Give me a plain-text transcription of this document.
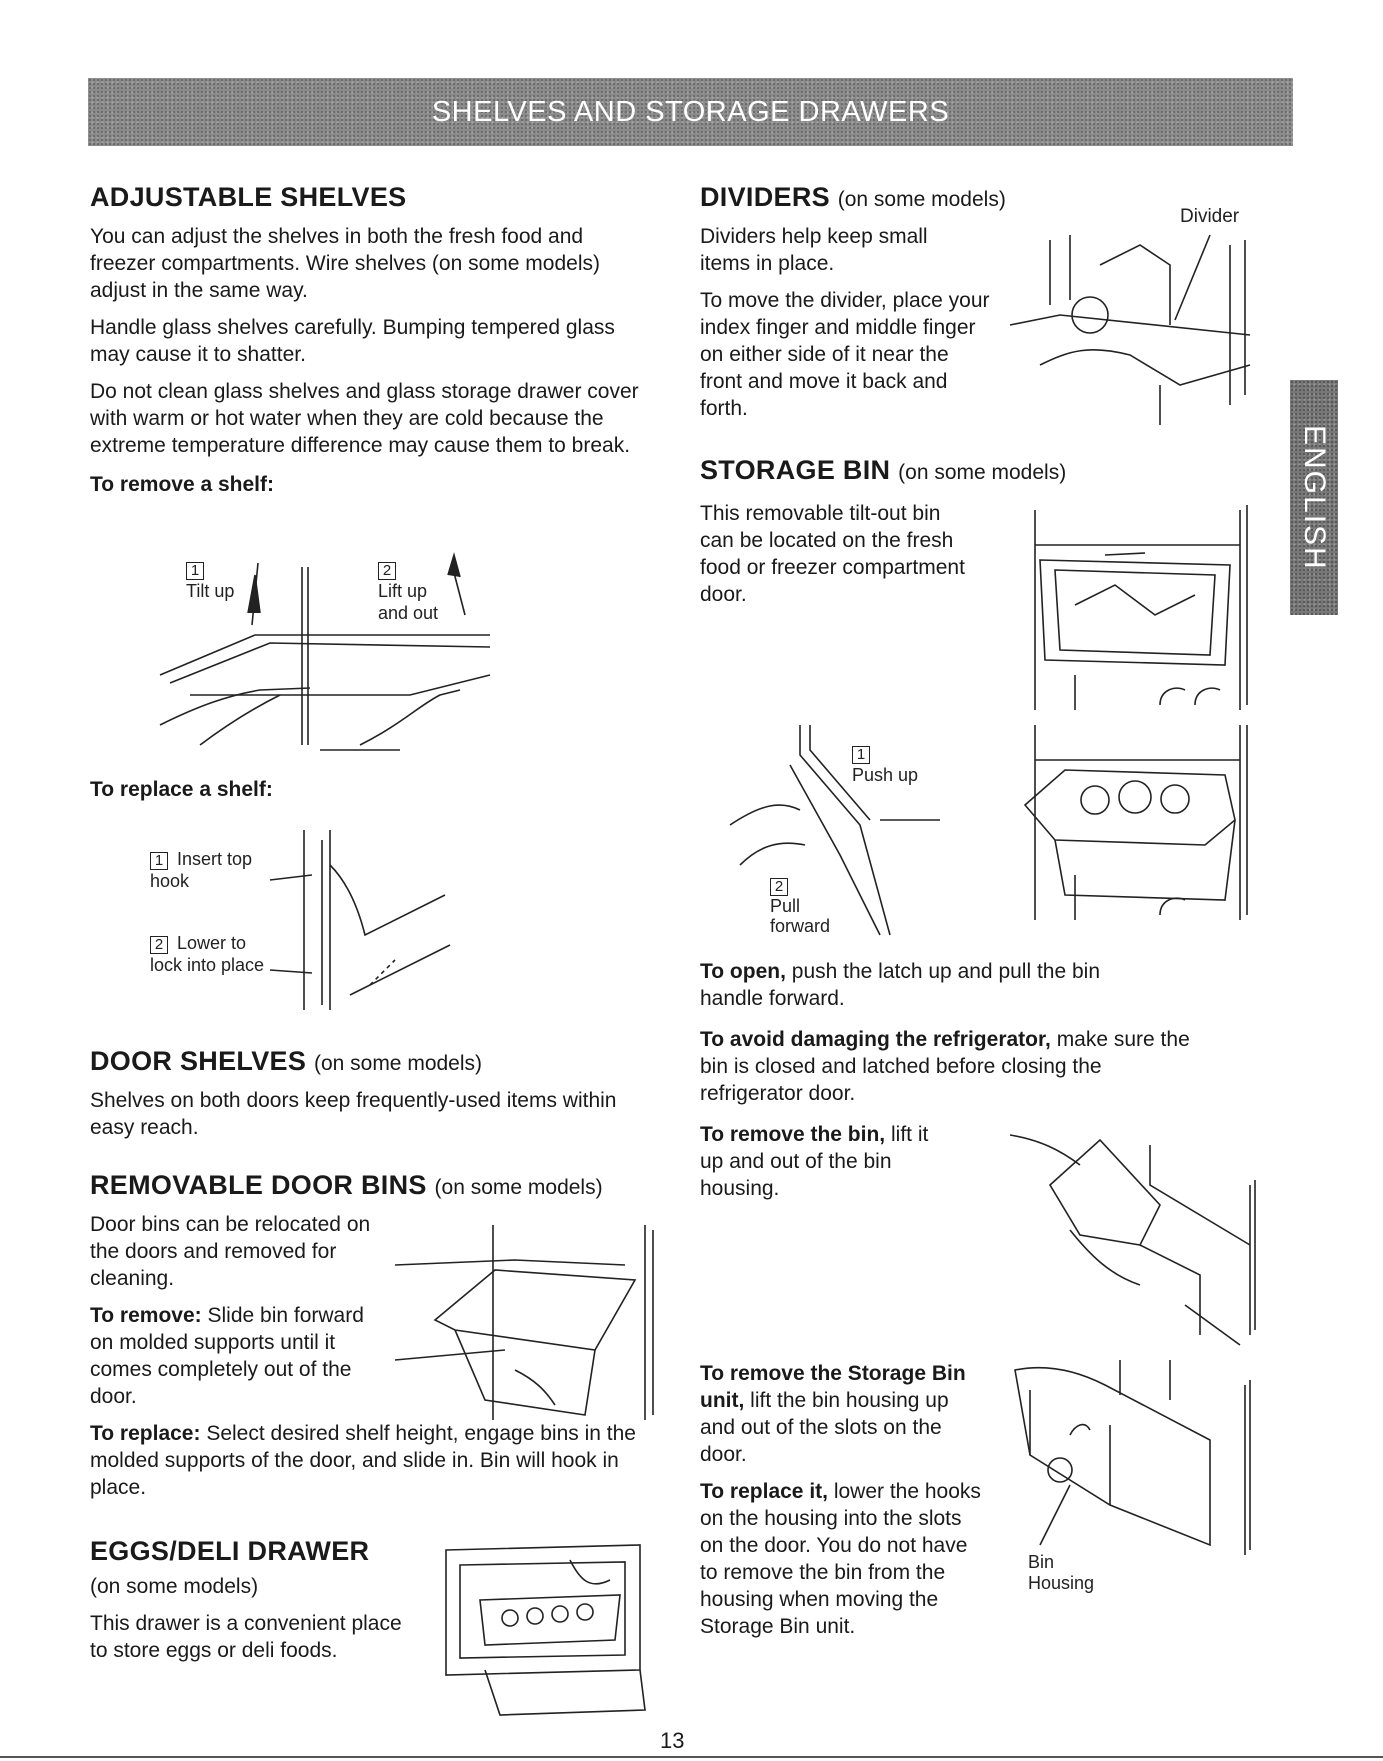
SHELVES AND STORAGE DRAWERS
ENGLISH
ADJUSTABLE SHELVES

You can adjust the shelves in both the fresh food and freezer compartments. Wire shelves (on some models) adjust in the same way.

Handle glass shelves carefully. Bumping tempered glass may cause it to shatter.

Do not clean glass shelves and glass storage drawer cover with warm or hot water when they are cold because the extreme temperature difference may cause them to break.

To remove a shelf:

1
Tilt up
2
Lift up and out

To replace a shelf:

1 Insert top hook
2 Lower to lock into place
DOOR SHELVES (on some models)

Shelves on both doors keep frequently-used items within easy reach.

REMOVABLE DOOR BINS (on some models)

Door bins can be relocated on the doors and removed for cleaning.

To remove: Slide bin forward on molded supports until it comes completely out of the door.

To replace: Select desired shelf height, engage bins in the molded supports of the door, and slide in. Bin will hook in place.

EGGS/DELI DRAWER

(on some models)

This drawer is a convenient place to store eggs or deli foods.

DIVIDERS (on some models)

Dividers help keep small items in place.

To move the divider, place your index finger and middle finger on either side of it near the front and move it back and forth.

Divider
STORAGE BIN (on some models)

This removable tilt-out bin can be located on the fresh food or freezer compartment door.

1
Push up
2
Pull forward

To open, push the latch up and pull the bin handle forward.

To avoid damaging the refrigerator, make sure the bin is closed and latched before closing the refrigerator door.

To remove the bin, lift it up and out of the bin housing.

To remove the Storage Bin unit, lift the bin housing up and out of the slots on the door.

To replace it, lower the hooks on the housing into the slots on the door. You do not have to remove the bin from the housing when moving the Storage Bin unit.

Bin Housing
13
